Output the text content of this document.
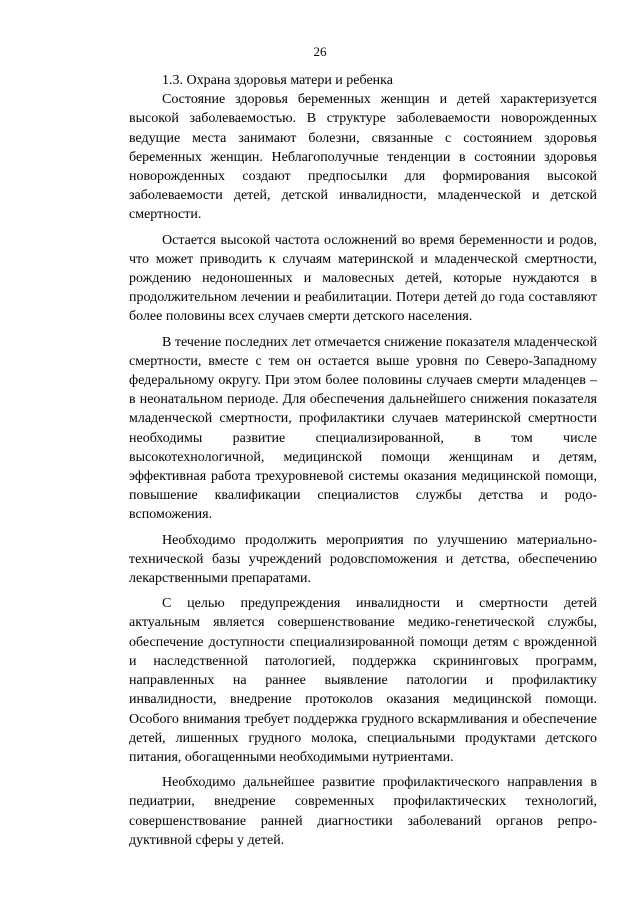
26
1.3. Охрана здоровья матери и ребенка

Состояние здоровья беременных женщин и детей характеризуется высокой заболеваемостью. В структуре заболеваемости новорожденных ведущие места занимают болезни, связанные с состоянием здоровья беременных женщин. Неблагополучные тенденции в состоянии здоровья новорожденных создают предпосылки для формирования высокой заболеваемости детей, детской инвалидности, младенческой и детской смертности.

Остается высокой частота осложнений во время беременности и родов, что может приводить к случаям материнской и младенческой смертности, рождению недоношенных и маловесных детей, которые нуждаются в продолжительном лечении и реабилитации. Потери детей до года составляют более половины всех случаев смерти детского населения.

В течение последних лет отмечается снижение показателя младенческой смертности, вместе с тем он остается выше уровня по Северо-Западному федеральному округу. При этом более половины случаев смерти младенцев – в неонатальном периоде. Для обеспечения дальнейшего снижения показателя младенческой смертности, профилактики случаев материнской смертности необходимы развитие специализированной, в том числе высокотехнологичной, медицинской помощи женщинам и детям, эффективная работа трехуровневой системы оказания медицинской помощи, повышение квалификации специалистов службы детства и родо-вспоможения.

Необходимо продолжить мероприятия по улучшению материально-технической базы учреждений родовспоможения и детства, обеспечению лекарственными препаратами.

С целью предупреждения инвалидности и смертности детей актуальным является совершенствование медико-генетической службы, обеспечение доступности специализированной помощи детям с врожденной и наследственной патологией, поддержка скрининговых программ, направленных на раннее выявление патологии и профилактику инвалидности, внедрение протоколов оказания медицинской помощи. Особого внимания требует поддержка грудного вскармливания и обеспечение детей, лишенных грудного молока, специальными продуктами детского питания, обогащенными необходимыми нутриентами.

Необходимо дальнейшее развитие профилактического направления в педиатрии, внедрение современных профилактических технологий, совершенствование ранней диагностики заболеваний органов репро-дуктивной сферы у детей.
